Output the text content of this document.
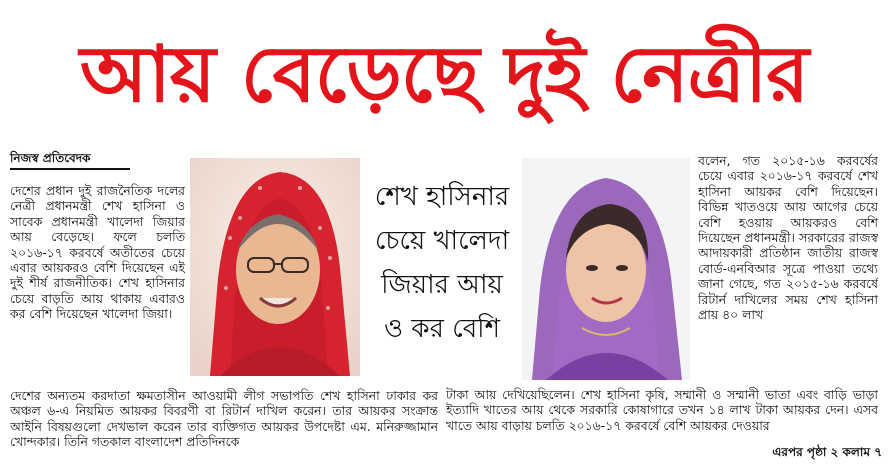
আয় বেড়েছে দুই নেত্রীর
নিজস্ব প্রতিবেদক
দেশের প্রধান দুই রাজনৈতিক দলের নেত্রী প্রধানমন্ত্রী শেখ হাসিনা ও সাবেক প্রধানমন্ত্রী খালেদা জিয়ার আয় বেড়েছে। ফলে চলতি ২০১৬-১৭ করবর্ষে অতীতের চেয়ে এবার আয়করও বেশি দিয়েছেন এই দুই শীর্ষ রাজনীতিক। শেখ হাসিনার চেয়ে বাড়তি আয় থাকায় এবারও কর বেশি দিয়েছেন খালেদা জিয়া।
শেখ হাসিনার
চেয়ে খালেদা
জিয়ার আয়
ও কর বেশি
বলেন, গত ২০১৫-১৬ করবর্ষের চেয়ে এবার ২০১৬-১৭ করবর্ষে শেখ হাসিনা আয়কর বেশি দিয়েছেন। বিভিন্ন খাতওয়ে আয় আগের চেয়ে বেশি হওয়ায় আয়করও বেশি দিয়েছেন প্রধানমন্ত্রী। সরকারের রাজস্ব আদায়কারী প্রতিষ্ঠান জাতীয় রাজস্ব বোর্ড-এনবিআর সূত্রে পাওয়া তথ্যে জানা গেছে, গত ২০১৫-১৬ করবর্ষে রিটার্ন দাখিলের সময় শেখ হাসিনা প্রায় ৪০ লাখ
দেশের অন্যতম করদাতা ক্ষমতাসীন আওয়ামী লীগ সভাপতি শেখ হাসিনা ঢাকার কর অঞ্চল ৬-এ নিয়মিত আয়কর বিবরণী বা রিটার্ন দাখিল করেন। তার আয়কর সংক্রান্ত আইনি বিষয়গুলো দেখভাল করেন তার ব্যক্তিগত আয়কর উপদেষ্টা এম. মনিরুজ্জামান খোন্দকার। তিনি গতকাল বাংলাদেশ প্রতিদিনকে
টাকা আয় দেখিয়েছিলেন। শেখ হাসিনা কৃষি, সম্মানী ও সম্মানী ভাতা এবং বাড়ি ভাড়া ইত্যাদি খাতের আয় থেকে সরকারি কোষাগারে তখন ১৪ লাখ টাকা আয়কর দেন। এসব খাতে আয় বাড়ায় চলতি ২০১৬-১৭ করবর্ষে বেশি আয়কর দেওয়ার
এরপর পৃষ্ঠা ২ কলাম ৭
